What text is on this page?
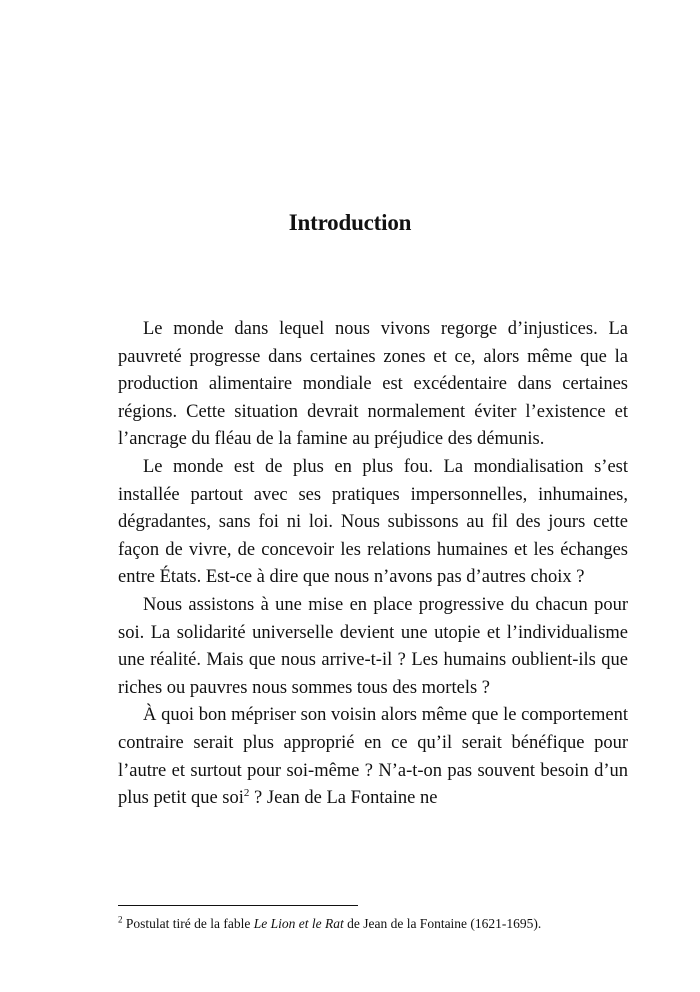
Introduction

Le monde dans lequel nous vivons regorge d’injustices. La pauvreté progresse dans certaines zones et ce, alors même que la production alimentaire mondiale est excédentaire dans certaines régions. Cette situation devrait normalement éviter l’existence et l’ancrage du fléau de la famine au préjudice des démunis.

Le monde est de plus en plus fou. La mondialisation s’est installée partout avec ses pratiques impersonnelles, inhumaines, dégradantes, sans foi ni loi. Nous subissons au fil des jours cette façon de vivre, de concevoir les relations humaines et les échanges entre États. Est-ce à dire que nous n’avons pas d’autres choix ?

Nous assistons à une mise en place progressive du chacun pour soi. La solidarité universelle devient une utopie et l’individualisme une réalité. Mais que nous arrive-t-il ? Les humains oublient-ils que riches ou pauvres nous sommes tous des mortels ?

À quoi bon mépriser son voisin alors même que le comportement contraire serait plus approprié en ce qu’il serait bénéfique pour l’autre et surtout pour soi-même ? N’a-t-on pas souvent besoin d’un plus petit que soi$^2$ ? Jean de La Fontaine ne

$^2$ Postulat tiré de la fable Le Lion et le Rat de Jean de la Fontaine (1621-1695).
